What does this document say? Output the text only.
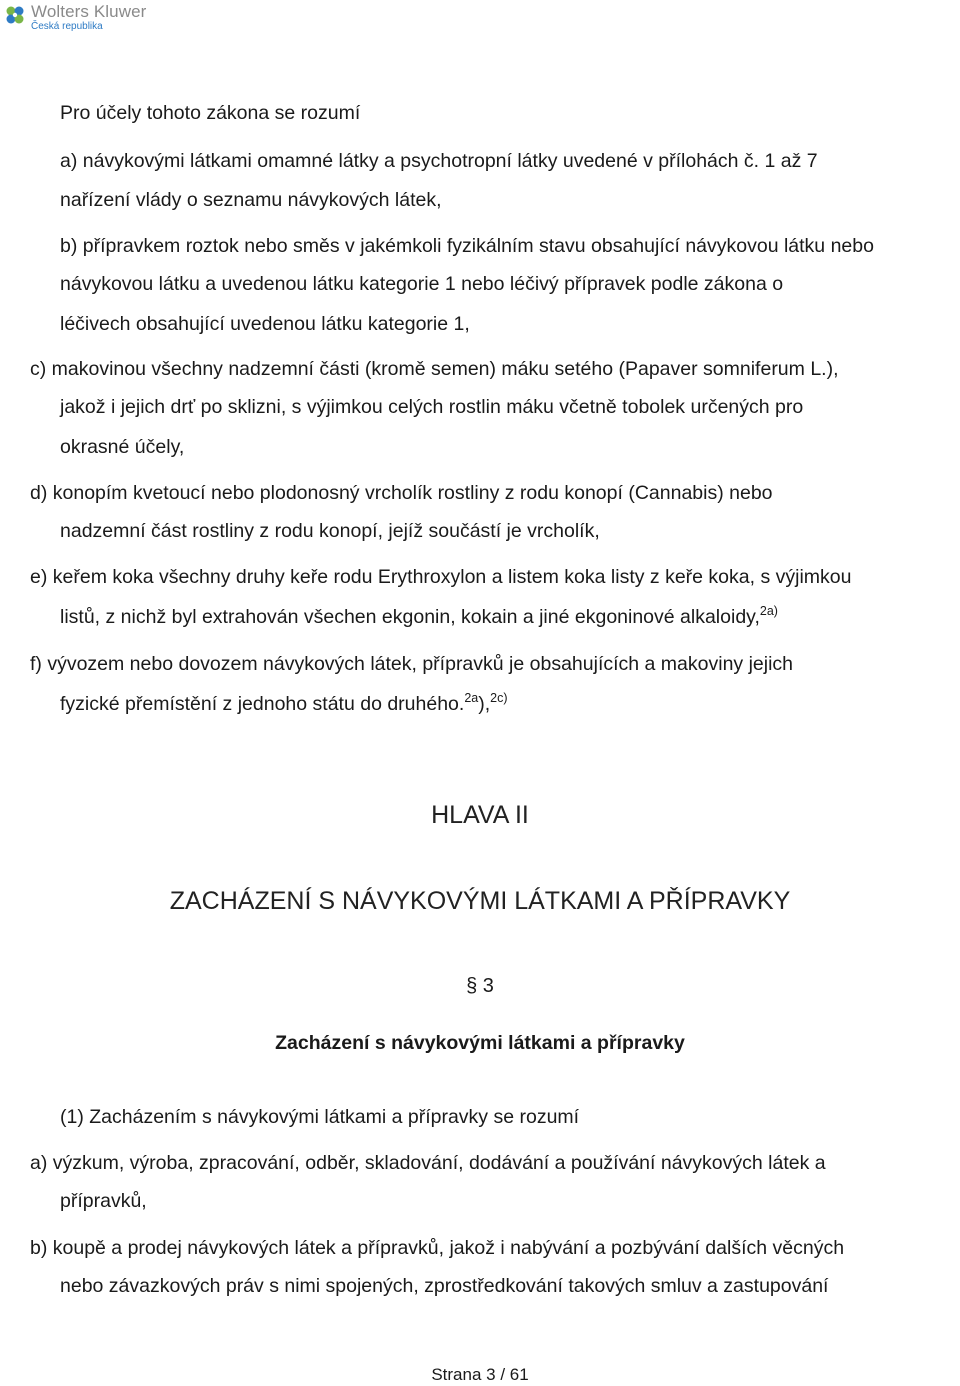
Wolters Kluwer
Česká republika
Pro účely tohoto zákona se rozumí
a) návykovými látkami omamné látky a psychotropní látky uvedené v přílohách č. 1 až 7
nařízení vlády o seznamu návykových látek,
b) přípravkem roztok nebo směs v jakémkoli fyzikálním stavu obsahující návykovou látku nebo
návykovou látku a uvedenou látku kategorie 1 nebo léčivý přípravek podle zákona o
léčivech obsahující uvedenou látku kategorie 1,
c) makovinou všechny nadzemní části (kromě semen) máku setého (Papaver somniferum L.),
jakož i jejich drť po sklizni, s výjimkou celých rostlin máku včetně tobolek určených pro
okrasné účely,
d) konopím kvetoucí nebo plodonosný vrcholík rostliny z rodu konopí (Cannabis) nebo
nadzemní část rostliny z rodu konopí, jejíž součástí je vrcholík,
e) keřem koka všechny druhy keře rodu Erythroxylon a listem koka listy z keře koka, s výjimkou
listů, z nichž byl extrahován všechen ekgonin, kokain a jiné ekgoninové alkaloidy,$^{2a)}$
f) vývozem nebo dovozem návykových látek, přípravků je obsahujících a makoviny jejich
fyzické přemístění z jednoho státu do druhého.$^{2a}$),$^{2c)}$
HLAVA II
ZACHÁZENÍ S NÁVYKOVÝMI LÁTKAMI A PŘÍPRAVKY
§ 3
Zacházení s návykovými látkami a přípravky
(1) Zacházením s návykovými látkami a přípravky se rozumí
a) výzkum, výroba, zpracování, odběr, skladování, dodávání a používání návykových látek a
přípravků,
b) koupě a prodej návykových látek a přípravků, jakož i nabývání a pozbývání dalších věcných
nebo závazkových práv s nimi spojených, zprostředkování takových smluv a zastupování
Strana 3 / 61
